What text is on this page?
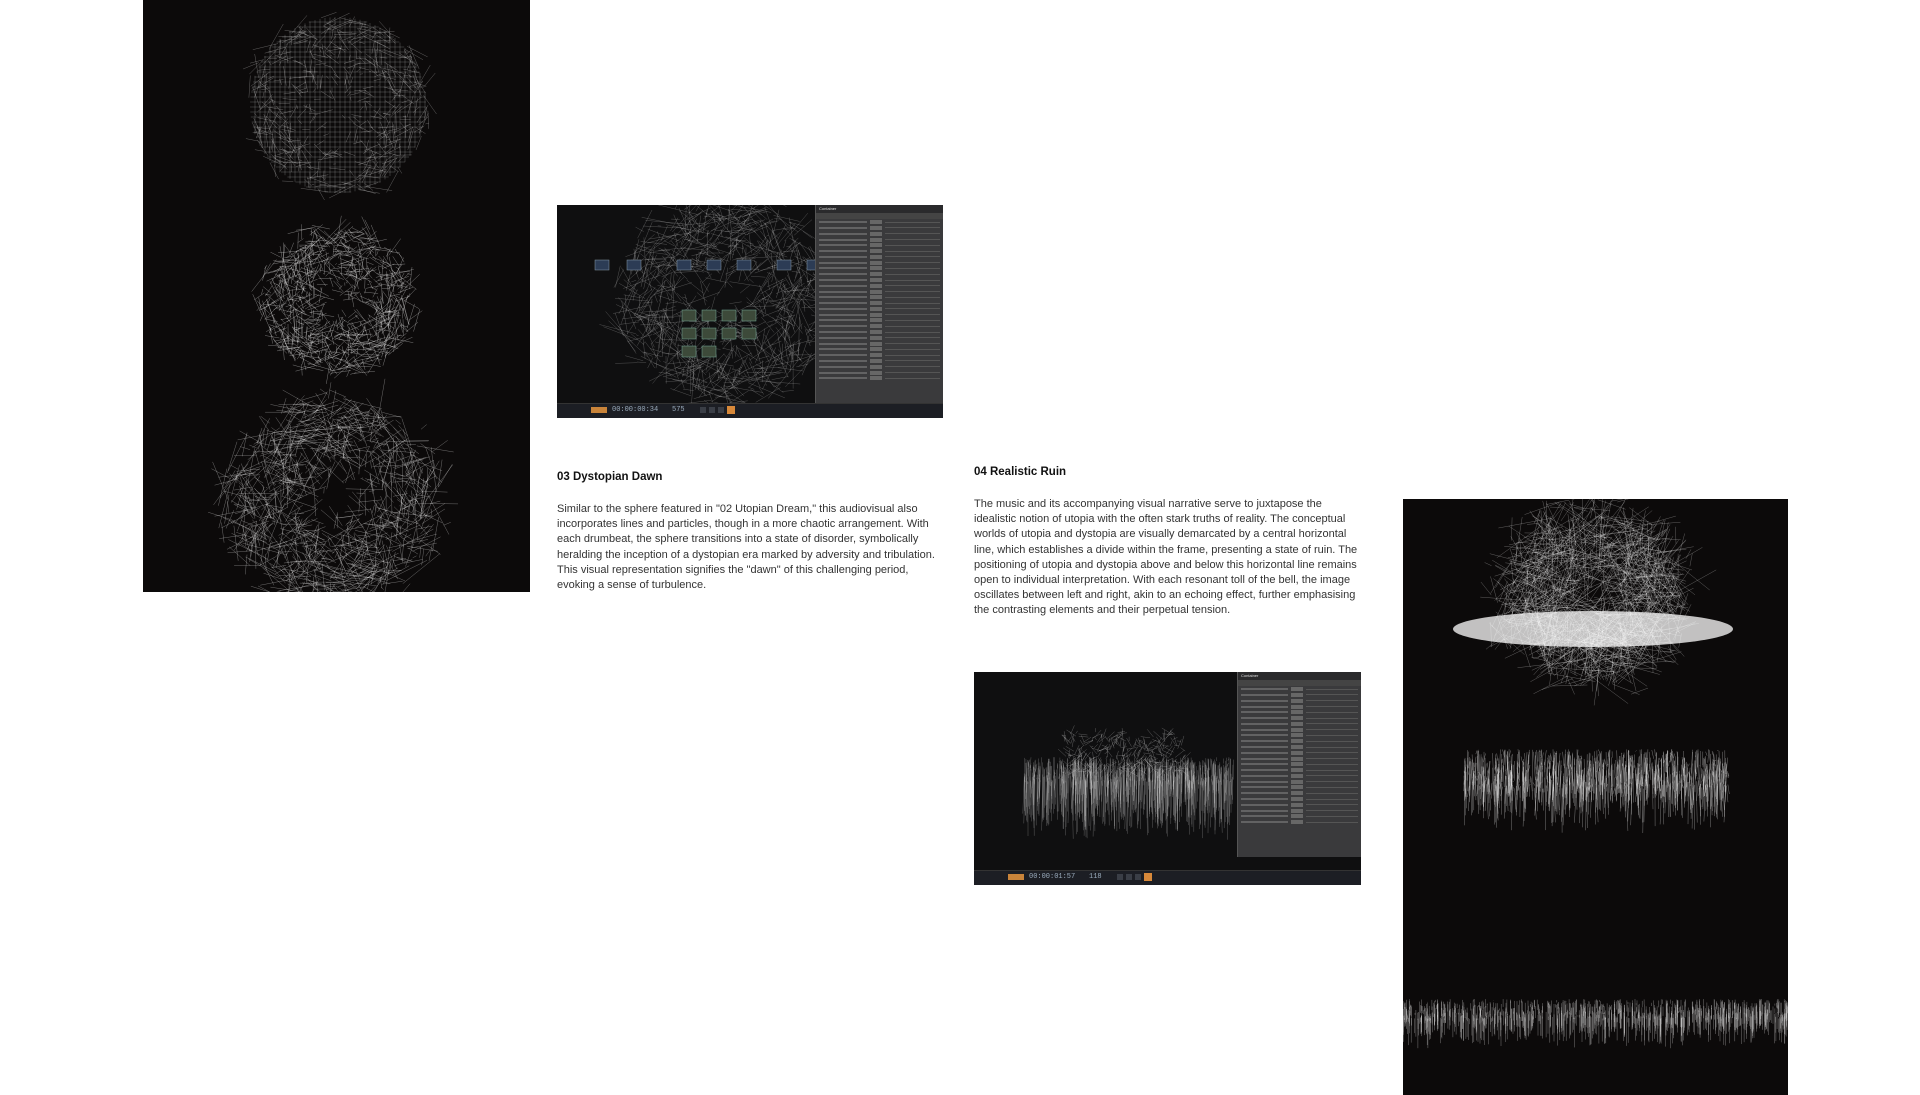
Container
00:00:00:34 575
03 Dystopian Dawn

Similar to the sphere featured in "02 Utopian Dream," this audiovisual also incorporates lines and particles, though in a more chaotic arrangement. With each drumbeat, the sphere transitions into a state of disorder, symbolically heralding the inception of a dystopian era marked by adversity and tribulation. This visual representation signifies the "dawn" of this challenging period, evoking a sense of turbulence.

04 Realistic Ruin

The music and its accompanying visual narrative serve to juxtapose the idealistic notion of utopia with the often stark truths of reality. The conceptual worlds of utopia and dystopia are visually demarcated by a central horizontal line, which establishes a divide within the frame, presenting a state of ruin. The positioning of utopia and dystopia above and below this horizontal line remains open to individual interpretation. With each resonant toll of the bell, the image oscillates between left and right, akin to an echoing effect, further emphasising the contrasting elements and their perpetual tension.

Container
00:00:01:57 118
